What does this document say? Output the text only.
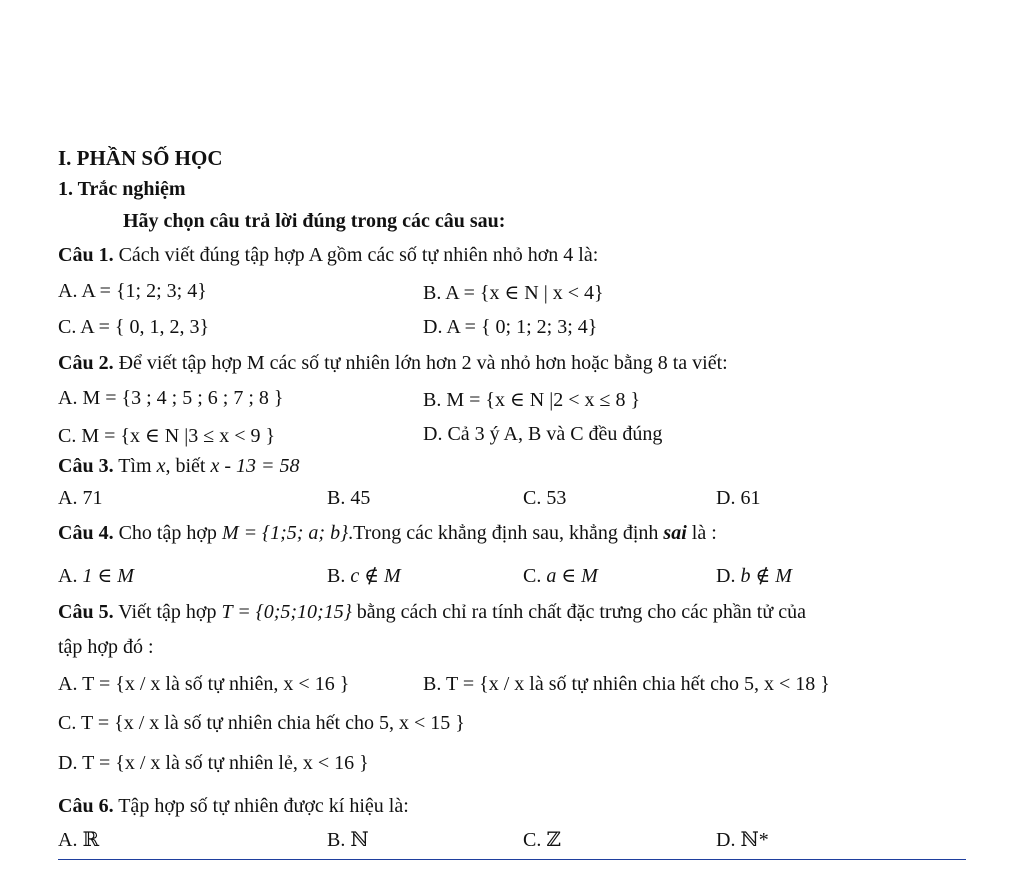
I. PHẦN SỐ HỌC
1. Trắc nghiệm
Hãy chọn câu trả lời đúng trong các câu sau:
Câu 1. Cách viết đúng tập hợp A gồm các số tự nhiên nhỏ hơn 4 là:
A. A = {1; 2; 3; 4}	B. A = {x ∈ N | x < 4}
C. A = { 0, 1, 2, 3}	D. A = { 0; 1; 2; 3; 4}
Câu 2. Để viết tập hợp M các số tự nhiên lớn hơn 2 và nhỏ hơn hoặc bằng 8 ta viết:
A. M = {3 ; 4 ; 5 ; 6 ; 7 ; 8 }	B. M = {x ∈ N |2 < x ≤ 8 }
C. M = {x ∈ N |3 ≤ x < 9 }	D. Cả 3 ý A, B và C đều đúng
Câu 3. Tìm x, biết x - 13 = 58
A. 71	B. 45	C. 53	D. 61
Câu 4. Cho tập hợp M = {1;5; a; b}.Trong các khẳng định sau, khẳng định sai là :
A. 1 ∈ M	B. c ∉ M	C. a ∈ M	D. b ∉ M
Câu 5. Viết tập hợp T = {0;5;10;15} bằng cách chỉ ra tính chất đặc trưng cho các phần tử của
tập hợp đó :
A. T = {x / x là số tự nhiên, x < 16 }	B. T = {x / x là số tự nhiên chia hết cho 5, x < 18 }
C. T = {x / x là số tự nhiên chia hết cho 5, x < 15 }
D. T = {x / x là số tự nhiên lẻ, x < 16 }
Câu 6. Tập hợp số tự nhiên được kí hiệu là:
A. ℝ	B. ℕ	C. ℤ	D. ℕ*
